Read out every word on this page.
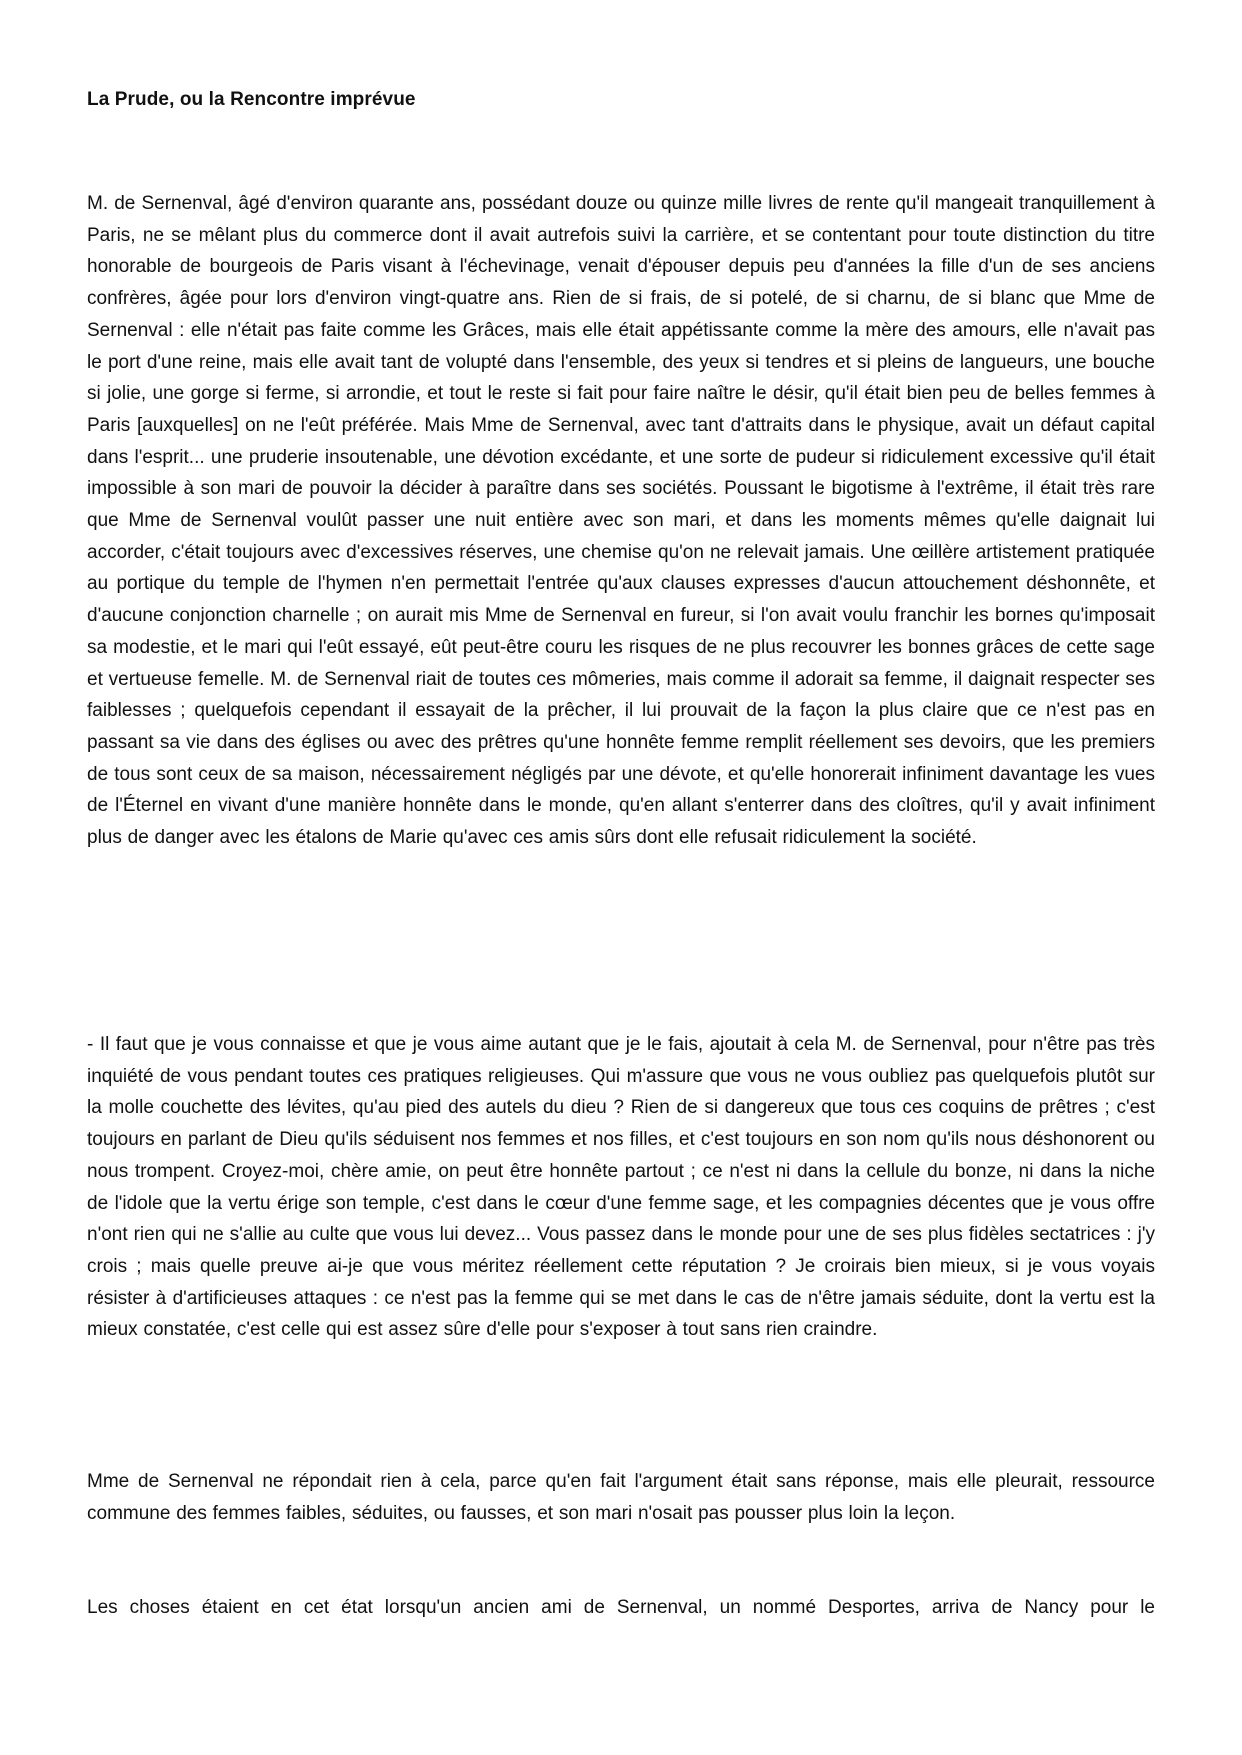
La Prude, ou la Rencontre imprévue

M. de Sernenval, âgé d'environ quarante ans, possédant douze ou quinze mille livres de rente qu'il mangeait tranquillement à Paris, ne se mêlant plus du commerce dont il avait autrefois suivi la carrière, et se contentant pour toute distinction du titre honorable de bourgeois de Paris visant à l'échevinage, venait d'épouser depuis peu d'années la fille d'un de ses anciens confrères, âgée pour lors d'environ vingt-quatre ans. Rien de si frais, de si potelé, de si charnu, de si blanc que Mme de Sernenval : elle n'était pas faite comme les Grâces, mais elle était appétissante comme la mère des amours, elle n'avait pas le port d'une reine, mais elle avait tant de volupté dans l'ensemble, des yeux si tendres et si pleins de langueurs, une bouche si jolie, une gorge si ferme, si arrondie, et tout le reste si fait pour faire naître le désir, qu'il était bien peu de belles femmes à Paris [auxquelles] on ne l'eût préférée. Mais Mme de Sernenval, avec tant d'attraits dans le physique, avait un défaut capital dans l'esprit... une pruderie insoutenable, une dévotion excédante, et une sorte de pudeur si ridiculement excessive qu'il était impossible à son mari de pouvoir la décider à paraître dans ses sociétés. Poussant le bigotisme à l'extrême, il était très rare que Mme de Sernenval voulût passer une nuit entière avec son mari, et dans les moments mêmes qu'elle daignait lui accorder, c'était toujours avec d'excessives réserves, une chemise qu'on ne relevait jamais. Une œillère artistement pratiquée au portique du temple de l'hymen n'en permettait l'entrée qu'aux clauses expresses d'aucun attouchement déshonnête, et d'aucune conjonction charnelle ; on aurait mis Mme de Sernenval en fureur, si l'on avait voulu franchir les bornes qu'imposait sa modestie, et le mari qui l'eût essayé, eût peut-être couru les risques de ne plus recouvrer les bonnes grâces de cette sage et vertueuse femelle. M. de Sernenval riait de toutes ces mômeries, mais comme il adorait sa femme, il daignait respecter ses faiblesses ; quelquefois cependant il essayait de la prêcher, il lui prouvait de la façon la plus claire que ce n'est pas en passant sa vie dans des églises ou avec des prêtres qu'une honnête femme remplit réellement ses devoirs, que les premiers de tous sont ceux de sa maison, nécessairement négligés par une dévote, et qu'elle honorerait infiniment davantage les vues de l'Éternel en vivant d'une manière honnête dans le monde, qu'en allant s'enterrer dans des cloîtres, qu'il y avait infiniment plus de danger avec les étalons de Marie qu'avec ces amis sûrs dont elle refusait ridiculement la société.

- Il faut que je vous connaisse et que je vous aime autant que je le fais, ajoutait à cela M. de Sernenval, pour n'être pas très inquiété de vous pendant toutes ces pratiques religieuses. Qui m'assure que vous ne vous oubliez pas quelquefois plutôt sur la molle couchette des lévites, qu'au pied des autels du dieu ? Rien de si dangereux que tous ces coquins de prêtres ; c'est toujours en parlant de Dieu qu'ils séduisent nos femmes et nos filles, et c'est toujours en son nom qu'ils nous déshonorent ou nous trompent. Croyez-moi, chère amie, on peut être honnête partout ; ce n'est ni dans la cellule du bonze, ni dans la niche de l'idole que la vertu érige son temple, c'est dans le cœur d'une femme sage, et les compagnies décentes que je vous offre n'ont rien qui ne s'allie au culte que vous lui devez... Vous passez dans le monde pour une de ses plus fidèles sectatrices : j'y crois ; mais quelle preuve ai-je que vous méritez réellement cette réputation ? Je croirais bien mieux, si je vous voyais résister à d'artificieuses attaques : ce n'est pas la femme qui se met dans le cas de n'être jamais séduite, dont la vertu est la mieux constatée, c'est celle qui est assez sûre d'elle pour s'exposer à tout sans rien craindre.

Mme de Sernenval ne répondait rien à cela, parce qu'en fait l'argument était sans réponse, mais elle pleurait, ressource commune des femmes faibles, séduites, ou fausses, et son mari n'osait pas pousser plus loin la leçon.

Les choses étaient en cet état lorsqu'un ancien ami de Sernenval, un nommé Desportes, arriva de Nancy pour le
